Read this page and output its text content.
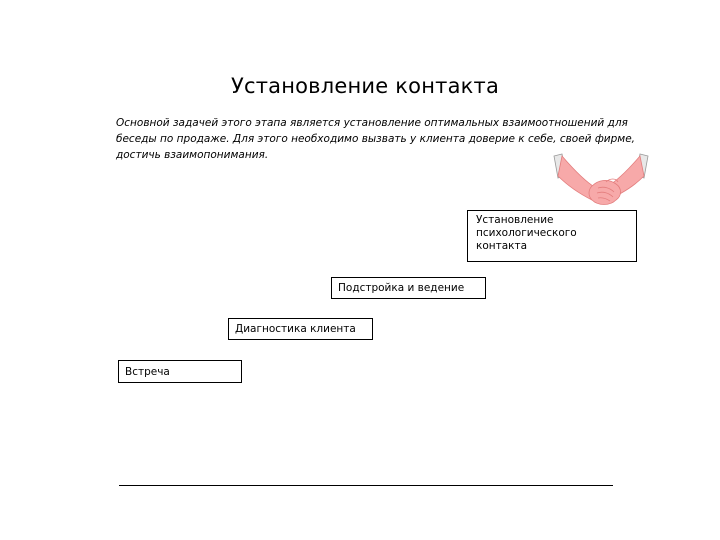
Установление контакта
Основной задачей этого этапа является установление оптимальных взаимоотношений для беседы по продаже. Для этого необходимо вызвать у клиента доверие к себе, своей фирме, достичь взаимопонимания.
Установление психологического контакта
Подстройка и ведение
Диагностика клиента
Встреча
